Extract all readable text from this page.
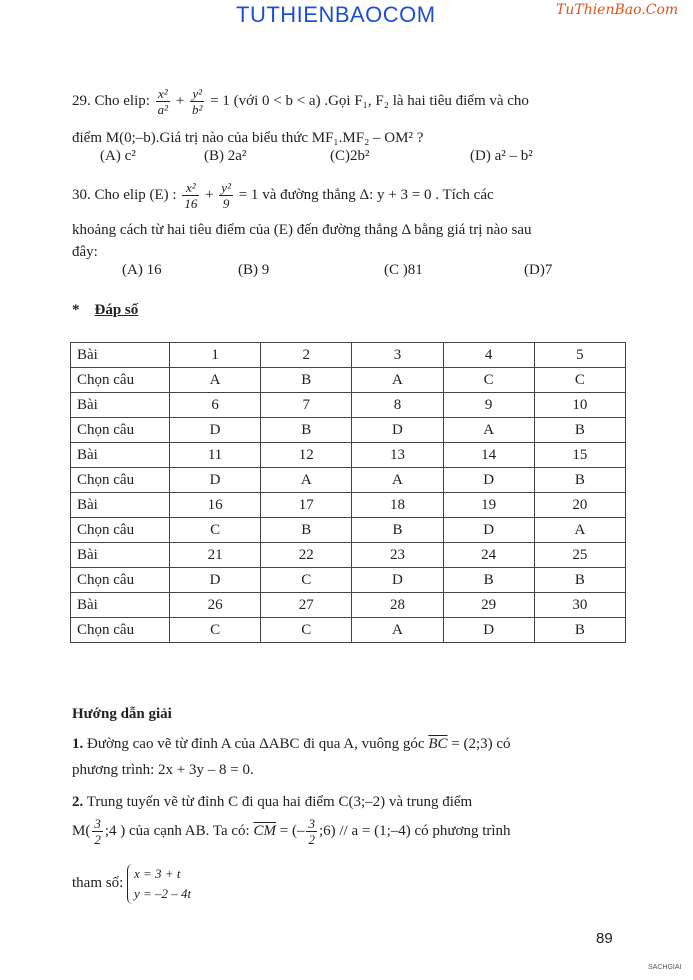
TUTHIENBAOCOM	TuThienBao.Com
29. Cho elip: $\frac{\text{x²}}{\text{a²}} + \frac{\text{y²}}{\text{b²}} = 1$ (với 0 < b < a) .Gọi F₁, F₂ là hai tiêu điểm và cho
điểm M(0;–b).Giá trị nào của biểu thức MF₁.MF₂ – OM² ?
(A) c²	(B) 2a²	(C)2b²	(D) a² – b²
30. Cho elip (E) : $\frac{\text{x²}}{16} + \frac{\text{y²}}{9} = 1$ và đường thẳng Δ: y + 3 = 0 . Tích các
khoảng cách từ hai tiêu điểm của (E) đến đường thẳng Δ bằng giá trị nào sau
đây:
(A) 16	(B) 9	(C )81	(D)7
* Đáp số
Bài	1	2	3	4	5
Chọn câu	A	B	A	C	C
Bài	6	7	8	9	10
Chọn câu	D	B	D	A	B
Bài	11	12	13	14	15
Chọn câu	D	A	A	D	B
Bài	16	17	18	19	20
Chọn câu	C	B	B	D	A
Bài	21	22	23	24	25
Chọn câu	D	C	D	B	B
Bài	26	27	28	29	30
Chọn câu	C	C	A	D	B
Hướng dẫn giải
1. Đường cao vẽ từ đỉnh A của ΔABC đi qua A, vuông góc $\overline{BC}$ = (2;3) có
phương trình: 2x + 3y – 8 = 0.
2. Trung tuyến vẽ từ đỉnh C đi qua hai điểm C(3;–2) và trung điểm
$M( \frac{3}{2}$ ;4 ) của cạnh AB. Ta có: $\overline{CM}$ = (– $\frac{3}{2}$ ;6) // a = (1;–4) có phương trình
tham số:
x = 3 + t
y = –2 – 4t
89
SACHGIAI
